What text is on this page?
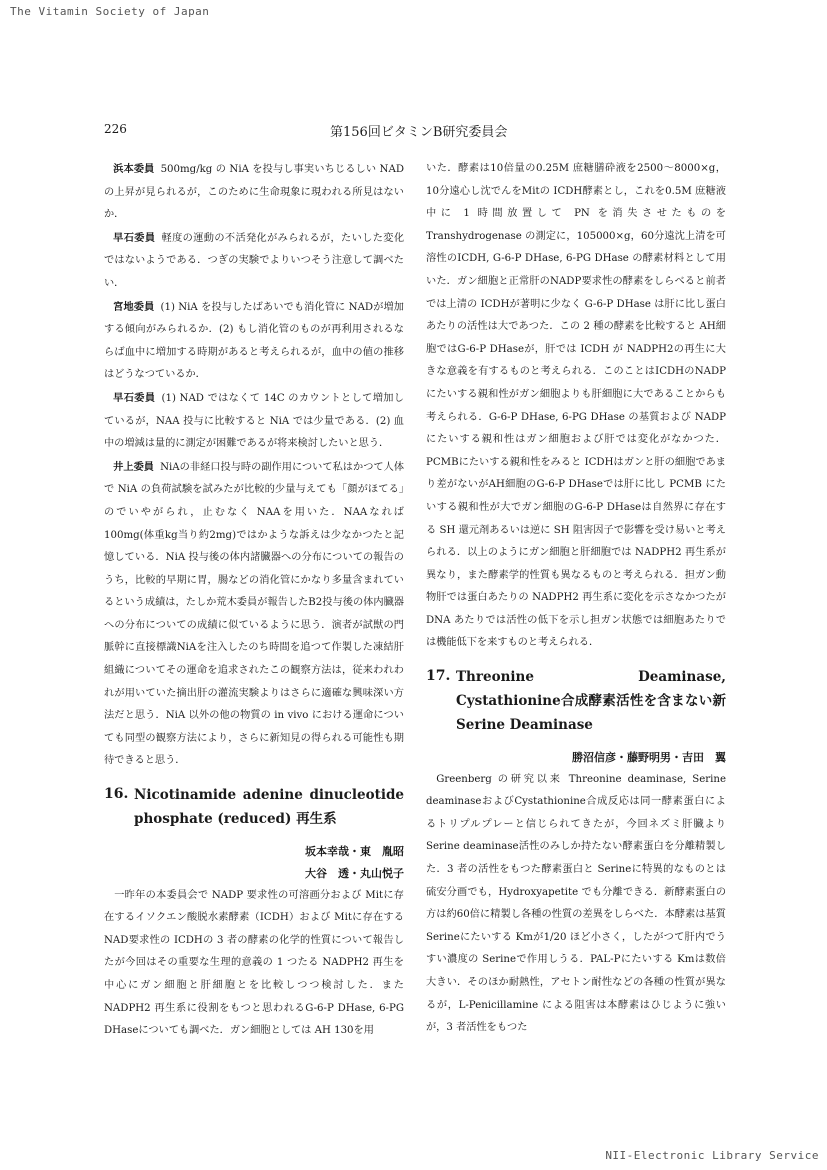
The Vitamin Society of Japan
226	第156回ビタミンB研究委員会

浜本委員 500mg/kg の NiA を投与し事実いちじるしい NAD の上昇が見られるが，このために生命現象に現われる所見はないか．

早石委員 軽度の運動の不活発化がみられるが，たいした変化ではないようである．つぎの実験でよりいつそう注意して調べたい．

宮地委員 (1) NiA を投与したばあいでも消化管に NADが増加する傾向がみられるか．(2) もし消化管のものが再利用されるならば血中に増加する時期があると考えられるが，血中の値の推移はどうなつているか．

早石委員 (1) NAD ではなくて 14C のカウントとして増加しているが，NAA 投与に比較すると NiA では少量である．(2) 血中の増減は量的に測定が困難であるが将来検討したいと思う．

井上委員 NiAの非経口投与時の副作用について私はかつて人体で NiA の負荷試験を試みたが比較的少量与えても「顔がほてる」のでいやがられ，止むなく NAAを用いた．NAAなれば100mg(体重kg当り約2mg)ではかような訴えは少なかつたと記憶している．NiA 投与後の体内諸臓器への分布についての報告のうち，比較的早期に胃，腸などの消化管にかなり多量含まれているという成績は，たしか荒木委員が報告したB2投与後の体内臓器への分布についての成績に似ているように思う．演者が試獣の門脈幹に直接標識NiAを注入したのち時間を追つて作製した凍結肝組織についてその運命を追求されたこの観察方法は，従来われわれが用いていた摘出肝の灌流実験よりはさらに適確な興味深い方法だと思う．NiA 以外の他の物質の in vivo における運命についても同型の観察方法により，さらに新知見の得られる可能性も期待できると思う．

16. Nicotinamide adenine dinucleotide phosphate (reduced) 再生系
坂本幸哉・東　胤昭
大谷　透・丸山悦子

一昨年の本委員会で NADP 要求性の可溶画分および Mitに存在するイソクエン酸脱水素酵素（ICDH）および Mitに存在するNAD要求性の ICDHの 3 者の酵素の化学的性質について報告したが今回はその重要な生理的意義の 1 つたる NADPH2 再生を中心にガン細胞と肝細胞とを比較しつつ検討した．また NADPH2 再生系に役割をもつと思われるG-6-P DHase, 6-PG DHaseについても調べた．ガン細胞としては AH 130を用

いた．酵素は10倍量の0.25M 庶糖膳砕液を2500～8000×g，10分遠心し沈でんをMitの ICDH酵素とし，これを0.5M 庶糖液中に 1 時間放置して PN を消失させたものを Transhydrogenase の測定に，105000×g，60分遠沈上清を可溶性のICDH, G-6-P DHase, 6-PG DHase の酵素材料として用いた．ガン細胞と正常肝のNADP要求性の酵素をしらべると前者では上清の ICDHが著明に少なく G-6-P DHase は肝に比し蛋白あたりの活性は大であつた．この 2 種の酵素を比較すると AH細胞ではG-6-P DHaseが，肝では ICDH が NADPH2の再生に大きな意義を有するものと考えられる．このことはICDHのNADP にたいする親和性がガン細胞よりも肝細胞に大であることからも考えられる．G-6-P DHase, 6-PG DHase の基質および NADP にたいする親和性はガン細胞および肝では変化がなかつた．PCMBにたいする親和性をみると ICDHはガンと肝の細胞であまり差がないがAH細胞のG-6-P DHaseでは肝に比し PCMB にたいする親和性が大でガン細胞のG-6-P DHaseは自然界に存在する SH 還元剤あるいは逆に SH 阻害因子で影響を受け易いと考えられる．以上のようにガン細胞と肝細胞では NADPH2 再生系が異なり，また酵素学的性質も異なるものと考えられる．担ガン動物肝では蛋白あたりの NADPH2 再生系に変化を示さなかつたが DNA あたりでは活性の低下を示し担ガン状態では細胞あたりでは機能低下を来すものと考えられる．

17. Threonine Deaminase, Cystathionine合成酵素活性を含まない新 Serine Deaminase
勝沼信彦・藤野明男・吉田　翼

Greenberg の研究以来 Threonine deaminase, Serine deaminaseおよびCystathionine合成反応は同一酵素蛋白によるトリプルプレーと信じられてきたが，今回ネズミ肝臓より Serine deaminase活性のみしか持たない酵素蛋白を分離精製した．3 者の活性をもつた酵素蛋白と Serineに特異的なものとは硫安分画でも，Hydroxyapetite でも分離できる．新酵素蛋白の方は約60倍に精製し各種の性質の差異をしらべた．本酵素は基質Serineにたいする Kmが1/20 ほど小さく，したがつて肝内でうすい濃度の Serineで作用しうる．PAL-Pにたいする Kmは数倍大きい．そのほか耐熱性，アセトン耐性などの各種の性質が異なるが，L-Penicillamine による阻害は本酵素はひじように強いが，3 者活性をもつた

NII-Electronic Library Service
